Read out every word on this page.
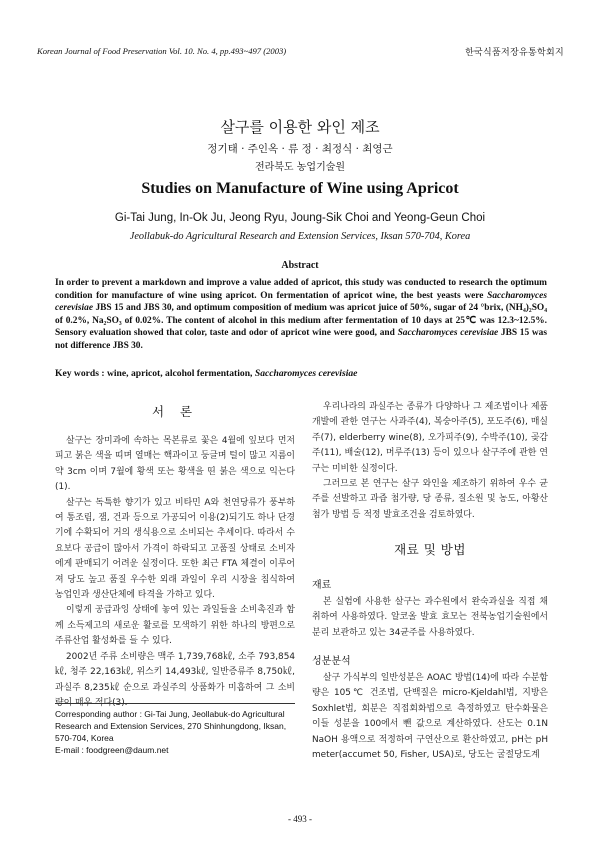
Korean Journal of Food Preservation Vol. 10. No. 4, pp.493~497 (2003)	한국식품저장유통학회지
살구를 이용한 와인 제조
정기태 · 주인옥 · 류 정 · 최정식 · 최영근
전라북도 농업기술원
Studies on Manufacture of Wine using Apricot
Gi-Tai Jung, In-Ok Ju, Jeong Ryu, Joung-Sik Choi and Yeong-Geun Choi
Jeollabuk-do Agricultural Research and Extension Services, Iksan 570-704, Korea
Abstract
In order to prevent a markdown and improve a value added of apricot, this study was conducted to research the optimum condition for manufacture of wine using apricot. On fermentation of apricot wine, the best yeasts were Saccharomyces cerevisiae JBS 15 and JBS 30, and optimum composition of medium was apricot juice of 50%, sugar of 24 °brix, (NH₄)₂SO₄ of 0.2%, Na₂SO₃ of 0.02%. The content of alcohol in this medium after fermentation of 10 days at 25℃ was 12.3~12.5%. Sensory evaluation showed that color, taste and odor of apricot wine were good, and Saccharomyces cerevisiae JBS 15 was not difference JBS 30.
Key words : wine, apricot, alcohol fermentation, Saccharomyces cerevisiae
서 론

살구는 장미과에 속하는 목본류로 꽃은 4월에 잎보다 먼저피고 붉은 색을 띠며 열매는 핵과이고 둥글며 털이 많고 지름이 약 3cm 이며 7월에 황색 또는 황색을 띤 붉은 색으로 익는다(1).

살구는 독특한 향기가 있고 비타민 A와 천연당류가 풍부하여 통조림, 잼, 건과 등으로 가공되어 이용(2)되기도 하나 단경기에 수확되어 거의 생식용으로 소비되는 추세이다. 따라서 수요보다 공급이 많아서 가격이 하락되고 고품질 상태로 소비자에게 판매되기 어려운 실정이다. 또한 최근 FTA 체결이 이루어져 당도 높고 품질 우수한 외래 과일이 우리 시장을 침식하여 농업인과 생산단체에 타격을 가하고 있다.

이렇게 공급과잉 상태에 놓여 있는 과일들을 소비촉진과 함께 소득제고의 새로운 활로를 모색하기 위한 하나의 방편으로 주류산업 활성화를 들 수 있다.

2002년 주류 소비량은 맥주 1,739,768㎘, 소주 793,854㎘, 청주 22,163㎘, 위스키 14,493㎘, 일반증류주 8,750㎘, 과실주 8,235㎘ 순으로 과실주의 상품화가 미흡하여 그 소비량이 매우 적다(3).

Corresponding author : Gi-Tai Jung, Jeollabuk-do Agricultural Research and Extension Services, 270 Shinhungdong, Iksan, 570-704, Korea
E-mail : foodgreen@daum.net

우리나라의 과실주는 종류가 다양하나 그 제조법이나 제품 개발에 관한 연구는 사과주(4), 복숭아주(5), 포도주(6), 매실주(7), elderberry wine(8), 오가피주(9), 수박주(10), 곶감주(11), 배술(12), 머루주(13) 등이 있으나 살구주에 관한 연구는 미비한 실정이다.

그러므로 본 연구는 살구 와인을 제조하기 위하여 우수 균주를 선발하고 과즙 첨가량, 당 종류, 질소원 및 농도, 아황산 첨가 방법 등 적정 발효조건을 검토하였다.

재료 및 방법
재료

본 실험에 사용한 살구는 과수원에서 완숙과실을 직접 채취하여 사용하였다. 알코올 발효 효모는 전북농업기술원에서 분리 보관하고 있는 34균주를 사용하였다.

성분분석

살구 가식부의 일반성분은 AOAC 방법(14)에 따라 수분함량은 105℃ 건조법, 단백질은 micro-Kjeldahl법, 지방은 Soxhlet법, 회분은 직접회화법으로 측정하였고 탄수화물은 이들 성분을 100에서 뺀 값으로 계산하였다. 산도는 0.1N NaOH 용액으로 적정하여 구연산으로 환산하였고, pH는 pH meter(accumet 50, Fisher, USA)로, 당도는 굴절당도계

- 493 -
